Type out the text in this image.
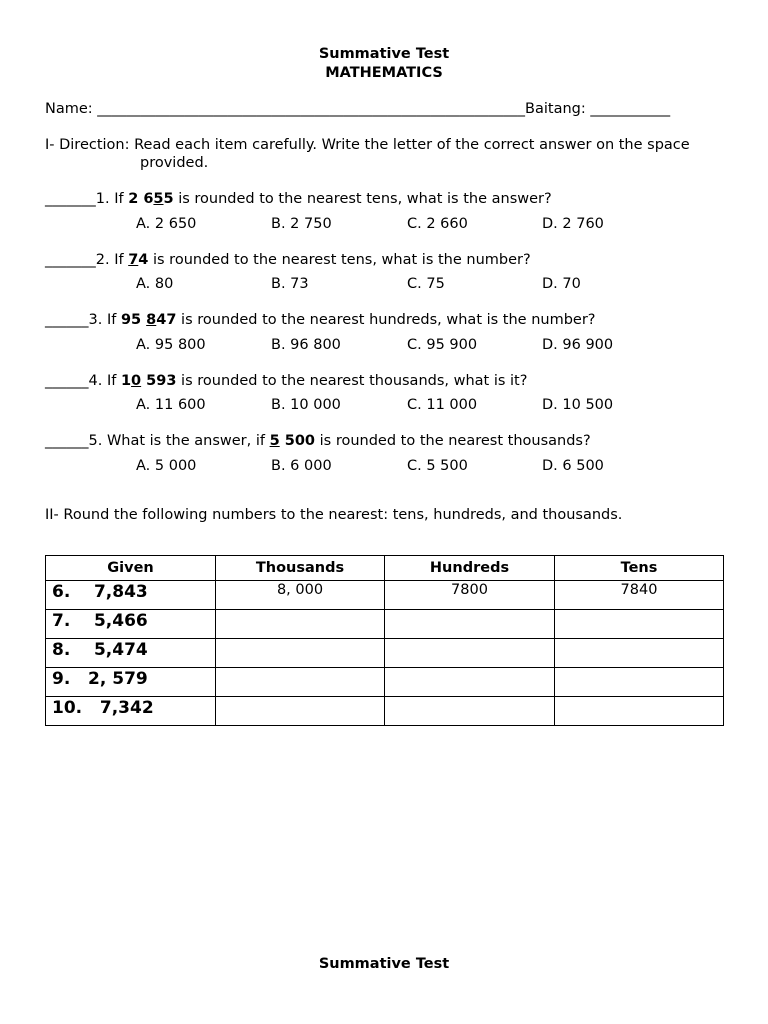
Summative Test
MATHEMATICS
Name: ___________________________________________________________Baitang: ___________
I- Direction: Read each item carefully. Write the letter of the correct answer on the space
provided.
_______1. If 2 655 is rounded to the nearest tens, what is the answer?
A. 2 650	B. 2 750	C. 2 660	D. 2 760
_______2. If 74 is rounded to the nearest tens, what is the number?
A. 80	B. 73	C. 75	D. 70
______3. If 95 847 is rounded to the nearest hundreds, what is the number?
A. 95 800	B. 96 800	C. 95 900	D. 96 900
______4. If 10 593 is rounded to the nearest thousands, what is it?
A. 11 600	B. 10 000	C. 11 000	D. 10 500
______5. What is the answer, if 5 500 is rounded to the nearest thousands?
A. 5 000	B. 6 000	C. 5 500	D. 6 500
II- Round the following numbers to the nearest: tens, hundreds, and thousands.
Given	Thousands	Hundreds	Tens
6.    7,843	8, 000	7800	7840
7.    5,466			
8.    5,474			
9.   2, 579			
10.   7,342			
Summative Test
